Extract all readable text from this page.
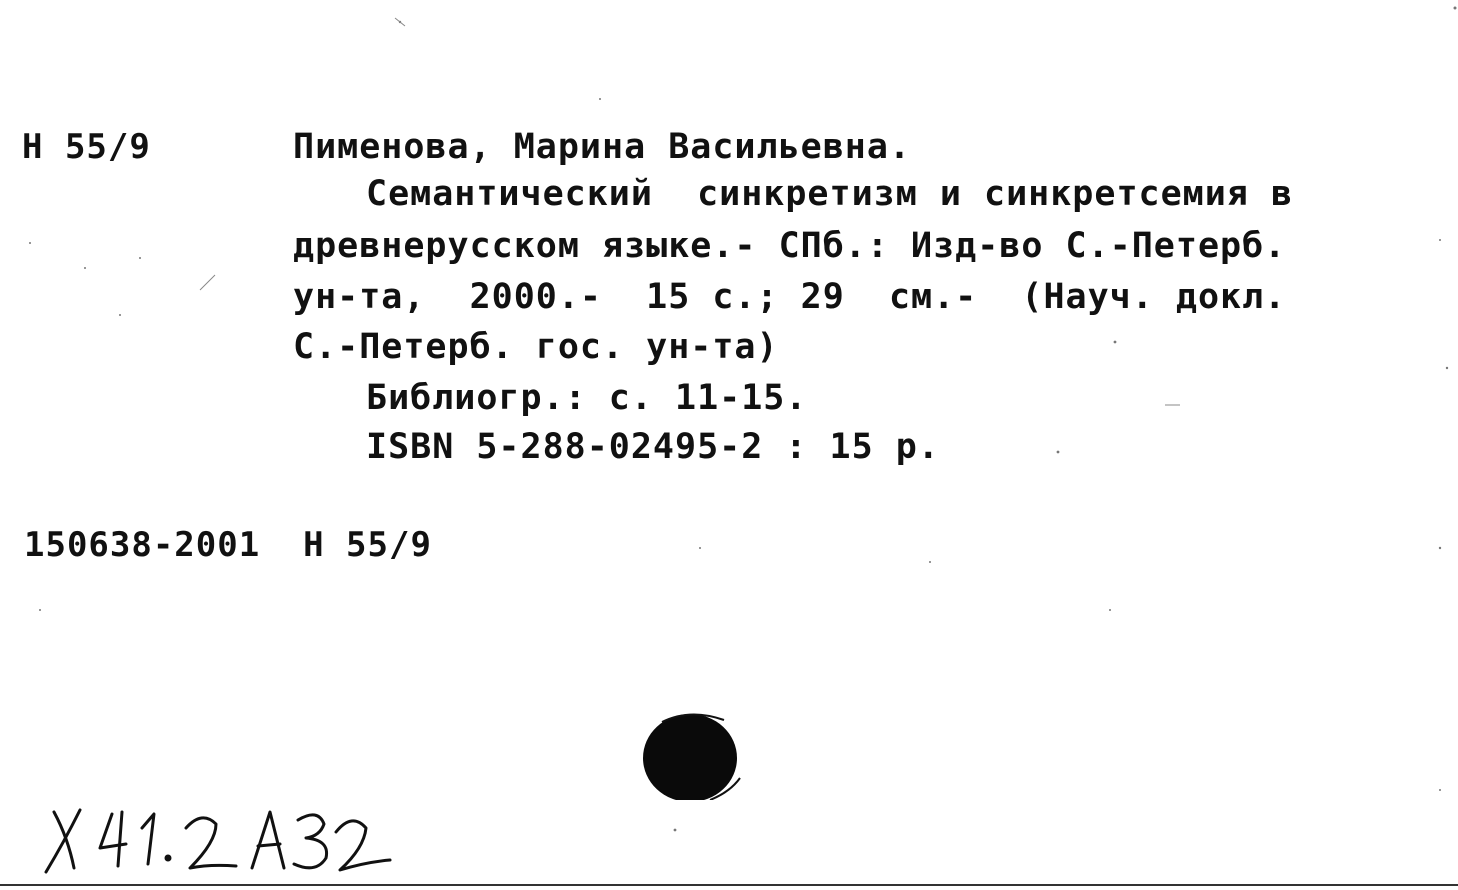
Н 55/9	Пименова, Марина Васильевна.
Семантический  синкретизм и синкретсемия в
древнерусском языке.- СПб.: Изд-во С.-Петерб.
ун-та,  2000.-  15 с.; 29  см.-  (Науч. докл.
С.-Петерб. гос. ун-та)
Библиогр.: с. 11-15.
ISBN 5-288-02495-2 : 15 р.
150638-2001  Н 55/9
